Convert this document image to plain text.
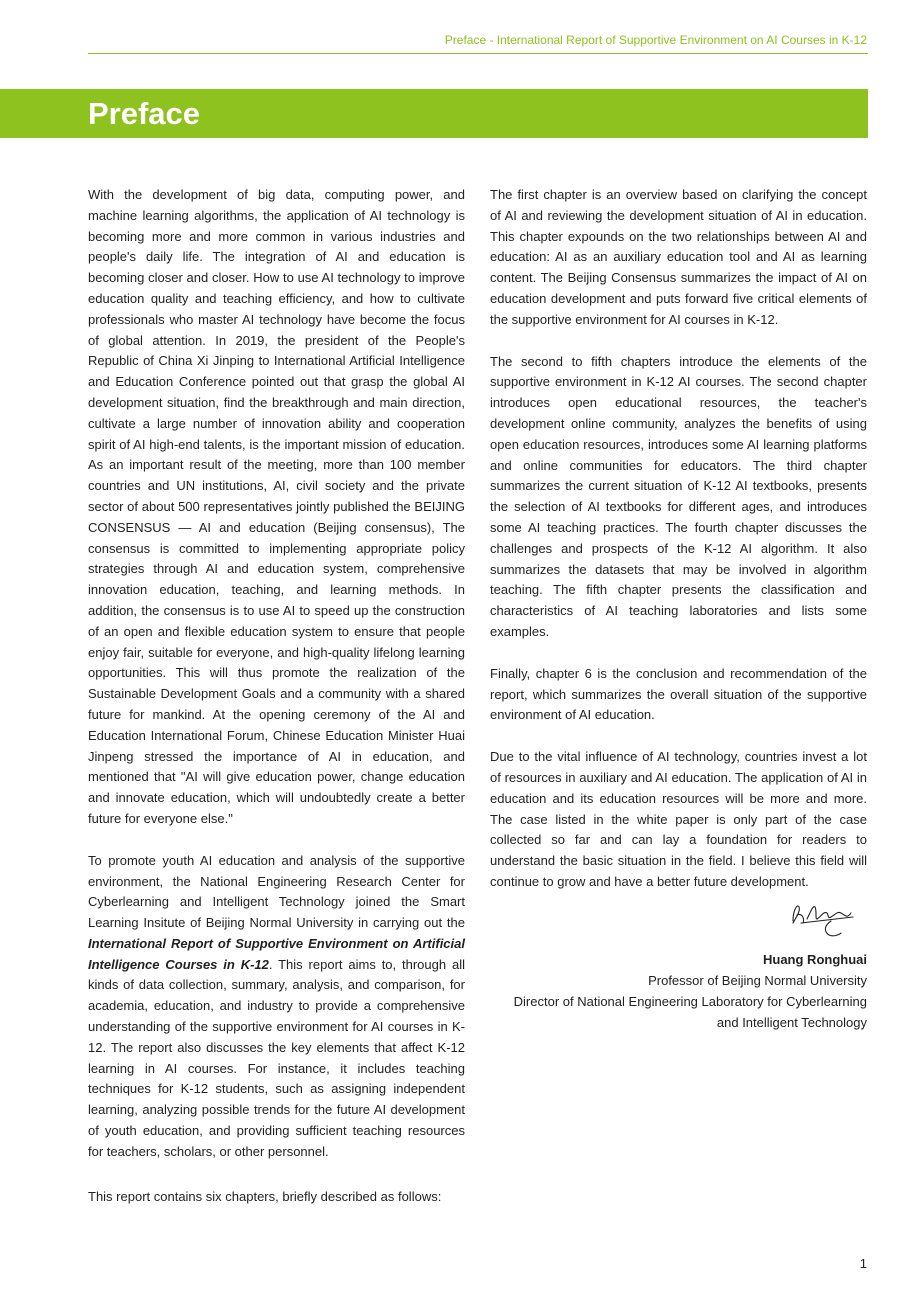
Preface - International Report of Supportive Environment on AI Courses in K-12
Preface

With the development of big data, computing power, and machine learning algorithms, the application of AI technology is becoming more and more common in various industries and people's daily life. The integration of AI and education is becoming closer and closer. How to use AI technology to improve education quality and teaching efficiency, and how to cultivate professionals who master AI technology have become the focus of global attention. In 2019, the president of the People's Republic of China Xi Jinping to International Artificial Intelligence and Education Conference pointed out that grasp the global AI development situation, find the breakthrough and main direction, cultivate a large number of innovation ability and cooperation spirit of AI high-end talents, is the important mission of education. As an important result of the meeting, more than 100 member countries and UN institutions, AI, civil society and the private sector of about 500 representatives jointly published the BEIJING CONSENSUS — AI and education (Beijing consensus), The consensus is committed to implementing appropriate policy strategies through AI and education system, comprehensive innovation education, teaching, and learning methods. In addition, the consensus is to use AI to speed up the construction of an open and flexible education system to ensure that people enjoy fair, suitable for everyone, and high-quality lifelong learning opportunities. This will thus promote the realization of the Sustainable Development Goals and a community with a shared future for mankind. At the opening ceremony of the AI and Education International Forum, Chinese Education Minister Huai Jinpeng stressed the importance of AI in education, and mentioned that "AI will give education power, change education and innovate education, which will undoubtedly create a better future for everyone else."

To promote youth AI education and analysis of the supportive environment, the National Engineering Research Center for Cyberlearning and Intelligent Technology joined the Smart Learning Insitute of Beijing Normal University in carrying out the International Report of Supportive Environment on Artificial Intelligence Courses in K-12. This report aims to, through all kinds of data collection, summary, analysis, and comparison, for academia, education, and industry to provide a comprehensive understanding of the supportive environment for AI courses in K-12. The report also discusses the key elements that affect K-12 learning in AI courses. For instance, it includes teaching techniques for K-12 students, such as assigning independent learning, analyzing possible trends for the future AI development of youth education, and providing sufficient teaching resources for teachers, scholars, or other personnel.

This report contains six chapters, briefly described as follows:

The first chapter is an overview based on clarifying the concept of AI and reviewing the development situation of AI in education. This chapter expounds on the two relationships between AI and education: AI as an auxiliary education tool and AI as learning content. The Beijing Consensus summarizes the impact of AI on education development and puts forward five critical elements of the supportive environment for AI courses in K-12.

The second to fifth chapters introduce the elements of the supportive environment in K-12 AI courses. The second chapter introduces open educational resources, the teacher's development online community, analyzes the benefits of using open education resources, introduces some AI learning platforms and online communities for educators. The third chapter summarizes the current situation of K-12 AI textbooks, presents the selection of AI textbooks for different ages, and introduces some AI teaching practices. The fourth chapter discusses the challenges and prospects of the K-12 AI algorithm. It also summarizes the datasets that may be involved in algorithm teaching. The fifth chapter presents the classification and characteristics of AI teaching laboratories and lists some examples.

Finally, chapter 6 is the conclusion and recommendation of the report, which summarizes the overall situation of the supportive environment of AI education.

Due to the vital influence of AI technology, countries invest a lot of resources in auxiliary and AI education. The application of AI in education and its education resources will be more and more. The case listed in the white paper is only part of the case collected so far and can lay a foundation for readers to understand the basic situation in the field. I believe this field will continue to grow and have a better future development.

Huang Ronghuai
Professor of Beijing Normal University
Director of National Engineering Laboratory for Cyberlearning
and Intelligent Technology
1
